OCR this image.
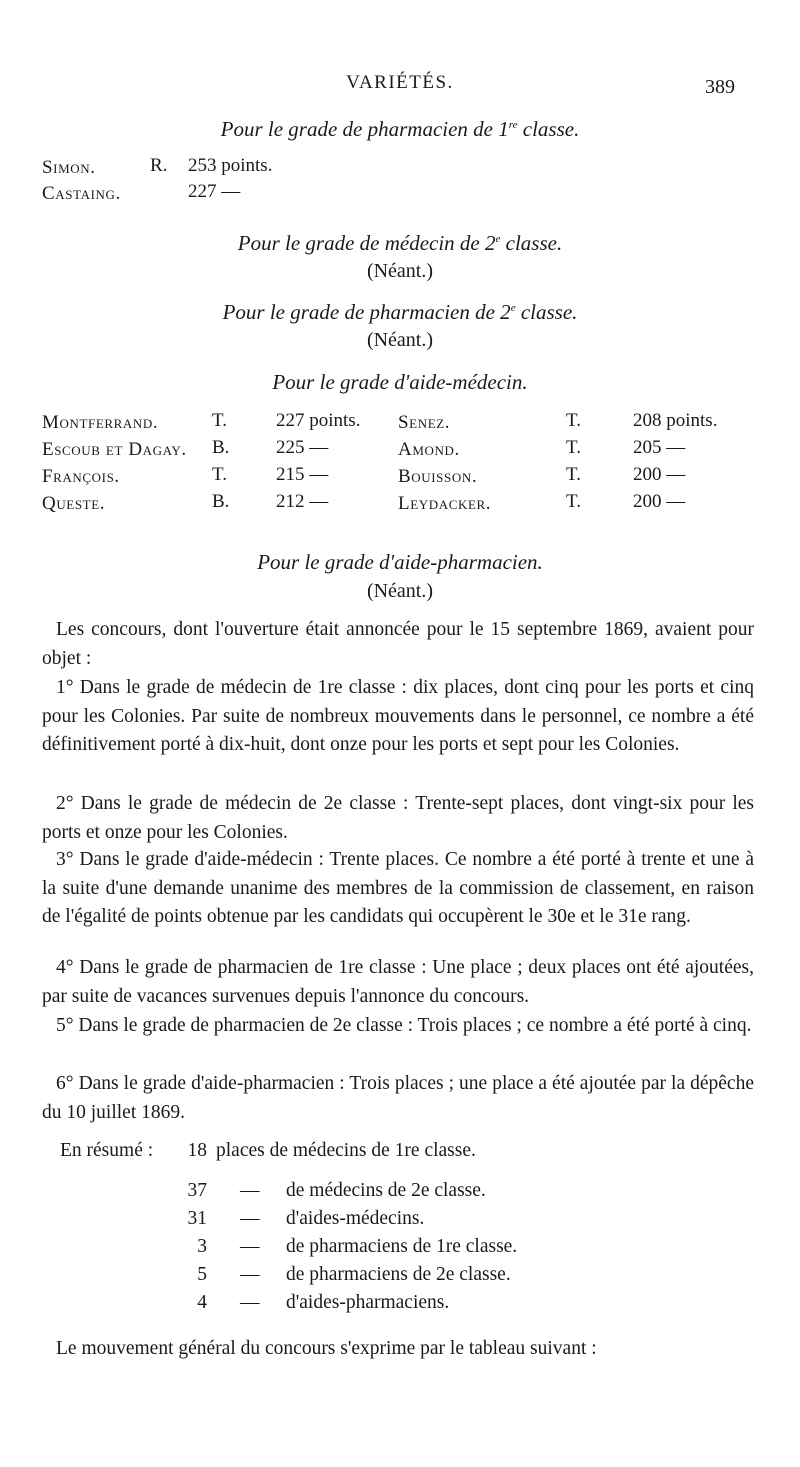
VARIÉTÉS.	389
Pour le grade de pharmacien de 1re classe.
Simon.	R. 253 points.
Castaing.	227 —
Pour le grade de médecin de 2e classe.
(Néant.)
Pour le grade de pharmacien de 2e classe.
(Néant.)
Pour le grade d'aide-médecin.
Montferrand.	T.	227 points. Senez.	T.	208 points.
Escoub et Dagay. B. 225 —	Amond.	T.	205 —
François.	T.	215 —	Bouisson.	T.	200 —
Queste.	B. 212 —	Leydacker.	T.	200 —
Pour le grade d'aide-pharmacien.
(Néant.)
Les concours, dont l'ouverture était annoncée pour le 15 septembre 1869, avaient pour objet :
1° Dans le grade de médecin de 1re classe : dix places, dont cinq pour les ports et cinq pour les Colonies. Par suite de nombreux mouvements dans le personnel, ce nombre a été définitivement porté à dix-huit, dont onze pour les ports et sept pour les Colonies.
2° Dans le grade de médecin de 2e classe : Trente-sept places, dont vingt-six pour les ports et onze pour les Colonies.
3° Dans le grade d'aide-médecin : Trente places. Ce nombre a été porté à trente et une à la suite d'une demande unanime des membres de la commission de classement, en raison de l'égalité de points obtenue par les candidats qui occupèrent le 30e et le 31e rang.
4° Dans le grade de pharmacien de 1re classe : Une place ; deux places ont été ajoutées, par suite de vacances survenues depuis l'annonce du concours.
5° Dans le grade de pharmacien de 2e classe : Trois places ; ce nombre a été porté à cinq.
6° Dans le grade d'aide-pharmacien : Trois places ; une place a été ajoutée par la dépêche du 10 juillet 1869.
En résumé :	18 places de médecins de 1re classe.
37 — de médecins de 2e classe.
31 — d'aides-médecins.
3 — de pharmaciens de 1re classe.
5 — de pharmaciens de 2e classe.
4 — d'aides-pharmaciens.
Le mouvement général du concours s'exprime par le tableau suivant :
